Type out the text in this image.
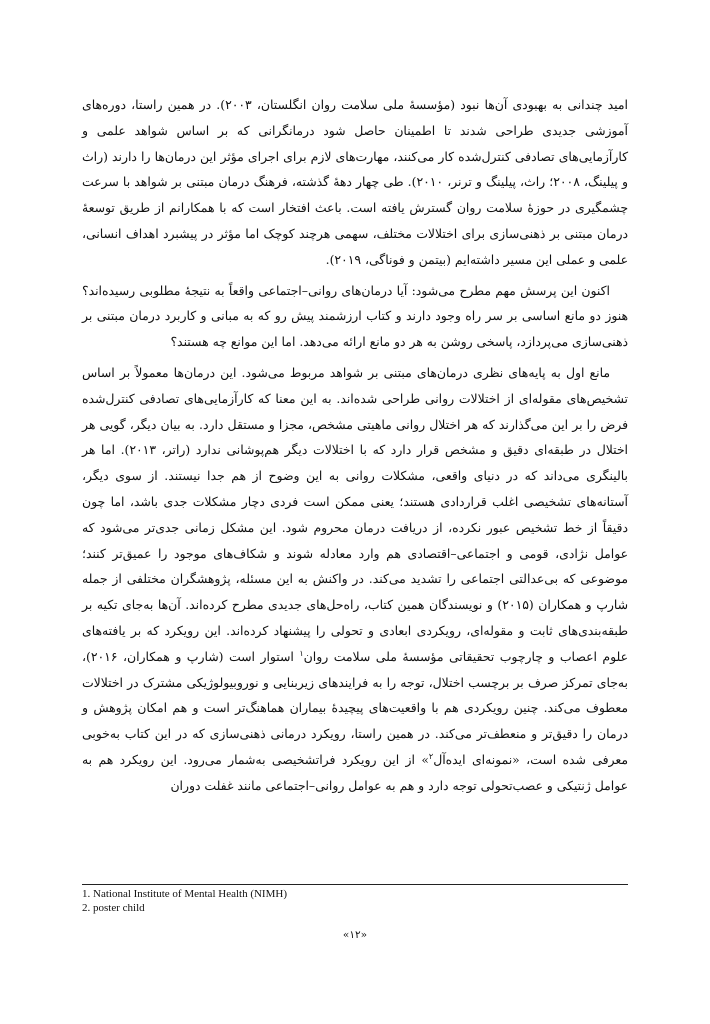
امید چندانی به بهبودی آن‌ها نبود (مؤسسهٔ ملی سلامت روان انگلستان، ۲۰۰۳). در همین راستا، دوره‌های آموزشی جدیدی طراحی شدند تا اطمینان حاصل شود درمانگرانی که بر اساس شواهد علمی و کارآزمایی‌های تصادفی کنترل‌شده کار می‌کنند، مهارت‌های لازم برای اجرای مؤثر این درمان‌ها را دارند (راث و پیلینگ، ۲۰۰۸؛ راث، پیلینگ و ترنر، ۲۰۱۰). طی چهار دههٔ گذشته، فرهنگ درمان مبتنی بر شواهد با سرعت چشمگیری در حوزهٔ سلامت روان گسترش یافته است. باعث افتخار است که با همکارانم از طریق توسعهٔ درمان مبتنی بر ذهنی‌سازی برای اختلالات مختلف، سهمی هرچند کوچک اما مؤثر در پیشبرد اهداف انسانی، علمی و عملی این مسیر داشته‌ایم (بیتمن و فوناگی، ۲۰۱۹).

اکنون این پرسش مهم مطرح می‌شود: آیا درمان‌های روانی–اجتماعی واقعاً به نتیجهٔ مطلوبی رسیده‌اند؟ هنوز دو مانع اساسی بر سر راه وجود دارند و کتاب ارزشمند پیش رو که به مبانی و کاربرد درمان مبتنی بر ذهنی‌سازی می‌پردازد، پاسخی روشن به هر دو مانع ارائه می‌دهد. اما این موانع چه هستند؟

مانع اول به پایه‌های نظری درمان‌های مبتنی بر شواهد مربوط می‌شود. این درمان‌ها معمولاً بر اساس تشخیص‌های مقوله‌ای از اختلالات روانی طراحی شده‌اند. به این معنا که کارآزمایی‌های تصادفی کنترل‌شده فرض را بر این می‌گذارند که هر اختلال روانی ماهیتی مشخص، مجزا و مستقل دارد. به بیان دیگر، گویی هر اختلال در طبقه‌ای دقیق و مشخص قرار دارد که با اختلالات دیگر هم‌پوشانی ندارد (راتر، ۲۰۱۳). اما هر بالینگری می‌داند که در دنیای واقعی، مشکلات روانی به این وضوح از هم جدا نیستند. از سوی دیگر، آستانه‌های تشخیصی اغلب قراردادی هستند؛ یعنی ممکن است فردی دچار مشکلات جدی باشد، اما چون دقیقاً از خط تشخیص عبور نکرده، از دریافت درمان محروم شود. این مشکل زمانی جدی‌تر می‌شود که عوامل نژادی، قومی و اجتماعی–اقتصادی هم وارد معادله شوند و شکاف‌های موجود را عمیق‌تر کنند؛ موضوعی که بی‌عدالتی اجتماعی را تشدید می‌کند. در واکنش به این مسئله، پژوهشگران مختلفی از جمله شارپ و همکاران (۲۰۱۵) و نویسندگان همین کتاب، راه‌حل‌های جدیدی مطرح کرده‌اند. آن‌ها به‌جای تکیه بر طبقه‌بندی‌های ثابت و مقوله‌ای، رویکردی ابعادی و تحولی را پیشنهاد کرده‌اند. این رویکرد که بر یافته‌های علوم اعصاب و چارچوب تحقیقاتی مؤسسهٔ ملی سلامت روان$^۱$ استوار است (شارپ و همکاران، ۲۰۱۶)، به‌جای تمرکز صرف بر برچسب اختلال، توجه را به فرایندهای زیربنایی و نوروبیولوژیکی مشترک در اختلالات معطوف می‌کند. چنین رویکردی هم با واقعیت‌های پیچیدهٔ بیماران هماهنگ‌تر است و هم امکان پژوهش و درمان را دقیق‌تر و منعطف‌تر می‌کند. در همین راستا، رویکرد درمانی ذهنی‌سازی که در این کتاب به‌خوبی معرفی شده است، «نمونه‌ای ایده‌آل$^۲$» از این رویکرد فراتشخیصی به‌شمار می‌رود. این رویکرد هم به عوامل ژنتیکی و عصب‌تحولی توجه دارد و هم به عوامل روانی–اجتماعی مانند غفلت دوران

1. National Institute of Mental Health (NIMH)
2. poster child
«۱۲»
